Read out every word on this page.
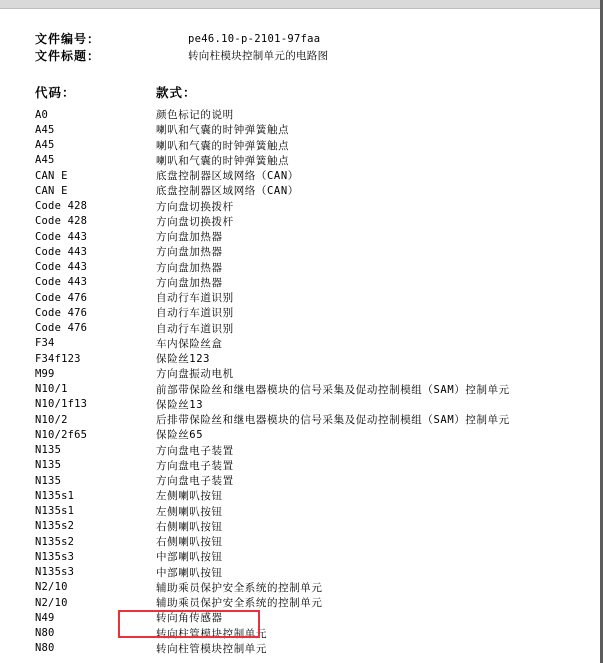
文件编号：	pe46.10-p-2101-97faa
文件标题：	转向柱模块控制单元的电路图
代码：	款式：
A0	颜色标记的说明
A45	喇叭和气囊的时钟弹簧触点
A45	喇叭和气囊的时钟弹簧触点
A45	喇叭和气囊的时钟弹簧触点
CAN E	底盘控制器区域网络（CAN）
CAN E	底盘控制器区域网络（CAN）
Code 428	方向盘切换拨杆
Code 428	方向盘切换拨杆
Code 443	方向盘加热器
Code 443	方向盘加热器
Code 443	方向盘加热器
Code 443	方向盘加热器
Code 476	自动行车道识别
Code 476	自动行车道识别
Code 476	自动行车道识别
F34	车内保险丝盒
F34f123	保险丝123
M99	方向盘振动电机
N10/1	前部带保险丝和继电器模块的信号采集及促动控制模组（SAM）控制单元
N10/1f13	保险丝13
N10/2	后排带保险丝和继电器模块的信号采集及促动控制模组（SAM）控制单元
N10/2f65	保险丝65
N135	方向盘电子装置
N135	方向盘电子装置
N135	方向盘电子装置
N135s1	左侧喇叭按钮
N135s1	左侧喇叭按钮
N135s2	右侧喇叭按钮
N135s2	右侧喇叭按钮
N135s3	中部喇叭按钮
N135s3	中部喇叭按钮
N2/10	辅助乘员保护安全系统的控制单元
N2/10	辅助乘员保护安全系统的控制单元
N49	转向角传感器
N80	转向柱管模块控制单元
N80	转向柱管模块控制单元
